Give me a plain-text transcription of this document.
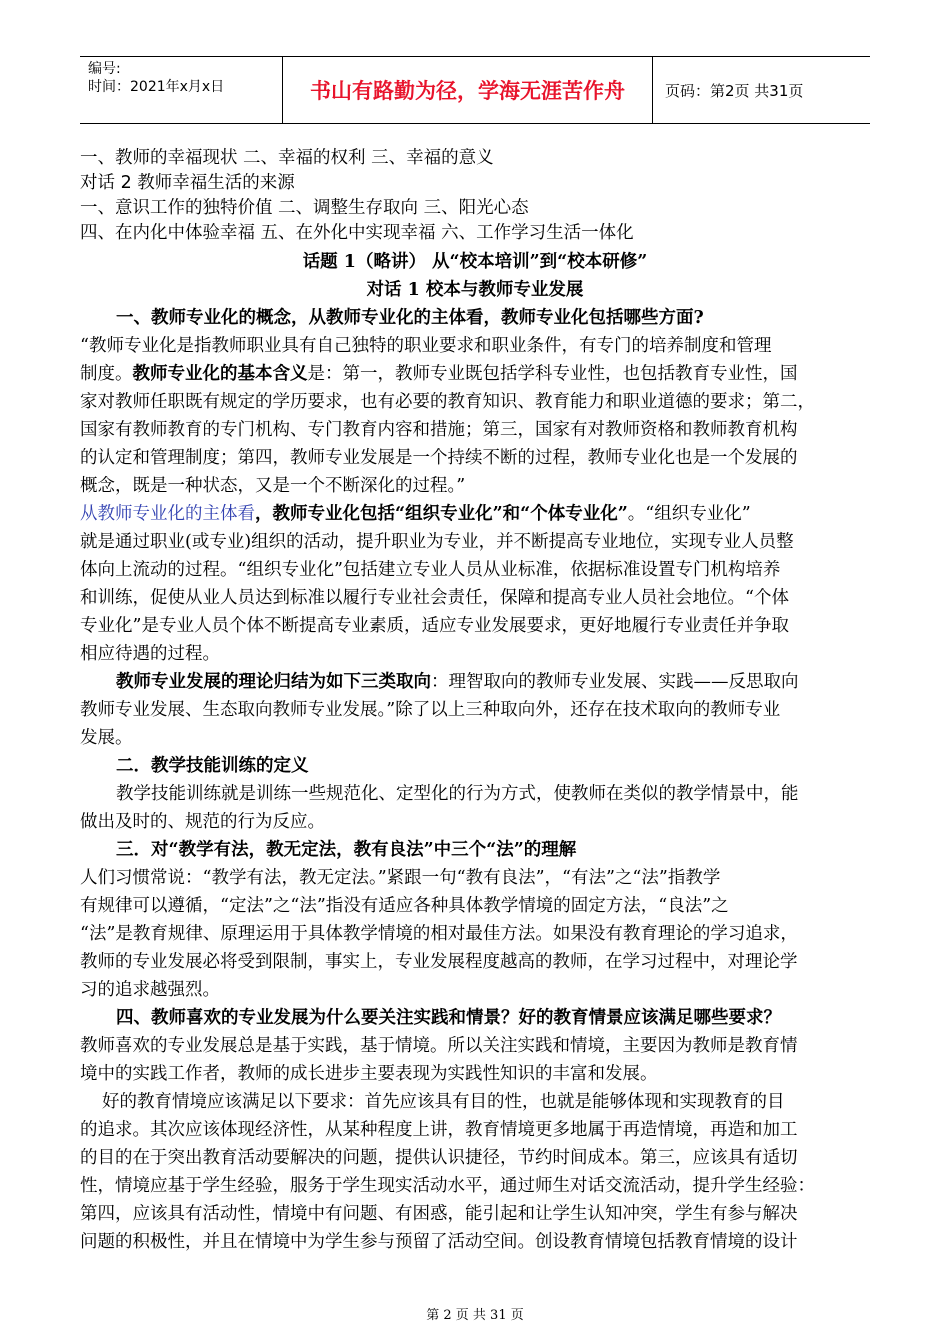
编号:
时间：2021年x月x日	书山有路勤为径，学海无涯苦作舟	页码：第2页 共31页
一、教师的幸福现状 二、幸福的权利 三、幸福的意义
对话 2 教师幸福生活的来源
一、意识工作的独特价值 二、调整生存取向 三、阳光心态
四、在内化中体验幸福 五、在外化中实现幸福 六、工作学习生活一体化
话题 1（略讲） 从“校本培训”到“校本研修”
对话 1 校本与教师专业发展
一、教师专业化的概念，从教师专业化的主体看，教师专业化包括哪些方面?
“教师专业化是指教师职业具有自己独特的职业要求和职业条件，有专门的培养制度和管理
制度。教师专业化的基本含义是：第一，教师专业既包括学科专业性，也包括教育专业性，国
家对教师任职既有规定的学历要求，也有必要的教育知识、教育能力和职业道德的要求；第二，
国家有教师教育的专门机构、专门教育内容和措施；第三，国家有对教师资格和教师教育机构
的认定和管理制度；第四，教师专业发展是一个持续不断的过程，教师专业化也是一个发展的
概念，既是一种状态，又是一个不断深化的过程。”
从教师专业化的主体看，教师专业化包括“组织专业化”和“个体专业化”。“组织专业化”
就是通过职业(或专业)组织的活动，提升职业为专业，并不断提高专业地位，实现专业人员整
体向上流动的过程。“组织专业化”包括建立专业人员从业标准，依据标准设置专门机构培养
和训练，促使从业人员达到标准以履行专业社会责任，保障和提高专业人员社会地位。“个体
专业化”是专业人员个体不断提高专业素质，适应专业发展要求，更好地履行专业责任并争取
相应待遇的过程。
教师专业发展的理论归结为如下三类取向：理智取向的教师专业发展、实践——反思取向
教师专业发展、生态取向教师专业发展。”除了以上三种取向外，还存在技术取向的教师专业
发展。
二．教学技能训练的定义
教学技能训练就是训练一些规范化、定型化的行为方式，使教师在类似的教学情景中，能
做出及时的、规范的行为反应。
三．对“教学有法，教无定法，教有良法”中三个“法”的理解
人们习惯常说：“教学有法，教无定法。”紧跟一句“教有良法”，“有法”之“法”指教学
有规律可以遵循，“定法”之“法”指没有适应各种具体教学情境的固定方法，“良法”之
“法”是教育规律、原理运用于具体教学情境的相对最佳方法。如果没有教育理论的学习追求，
教师的专业发展必将受到限制，事实上，专业发展程度越高的教师，在学习过程中，对理论学
习的追求越强烈。
四、教师喜欢的专业发展为什么要关注实践和情景？好的教育情景应该满足哪些要求？
教师喜欢的专业发展总是基于实践，基于情境。所以关注实践和情境，主要因为教师是教育情
境中的实践工作者，教师的成长进步主要表现为实践性知识的丰富和发展。
好的教育情境应该满足以下要求：首先应该具有目的性，也就是能够体现和实现教育的目
的追求。其次应该体现经济性，从某种程度上讲，教育情境更多地属于再造情境，再造和加工
的目的在于突出教育活动要解决的问题，提供认识捷径，节约时间成本。第三，应该具有适切
性，情境应基于学生经验，服务于学生现实活动水平，通过师生对话交流活动，提升学生经验：
第四，应该具有活动性，情境中有问题、有困惑，能引起和让学生认知冲突，学生有参与解决
问题的积极性，并且在情境中为学生参与预留了活动空间。创设教育情境包括教育情境的设计
第 2 页 共 31 页
